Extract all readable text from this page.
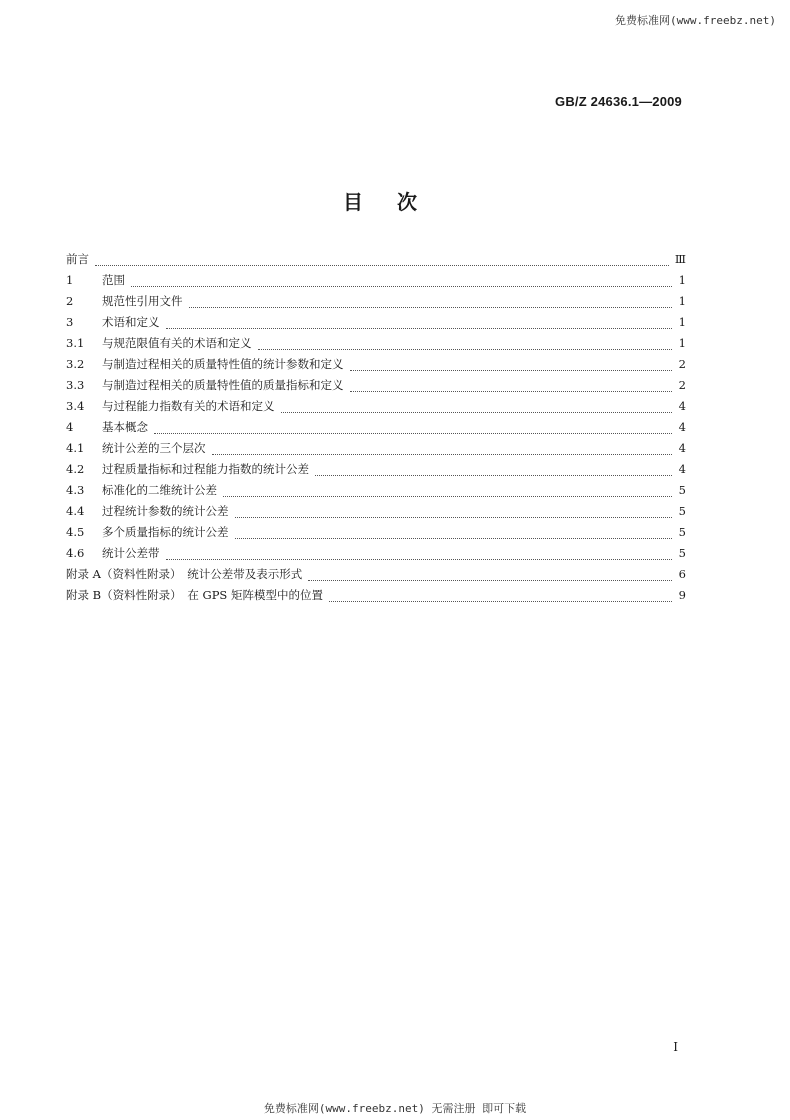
免费标准网(www.freebz.net)
GB/Z 24636.1—2009
目次
前言	Ⅲ
1	范围	1
2	规范性引用文件	1
3	术语和定义	1
3.1	与规范限值有关的术语和定义	1
3.2	与制造过程相关的质量特性值的统计参数和定义	2
3.3	与制造过程相关的质量特性值的质量指标和定义	2
3.4	与过程能力指数有关的术语和定义	4
4	基本概念	4
4.1	统计公差的三个层次	4
4.2	过程质量指标和过程能力指数的统计公差	4
4.3	标准化的二维统计公差	5
4.4	过程统计参数的统计公差	5
4.5	多个质量指标的统计公差	5
4.6	统计公差带	5
附录 A（资料性附录）　统计公差带及表示形式	6
附录 B（资料性附录）　在 GPS 矩阵模型中的位置	9
I
免费标准网(www.freebz.net) 无需注册 即可下载
